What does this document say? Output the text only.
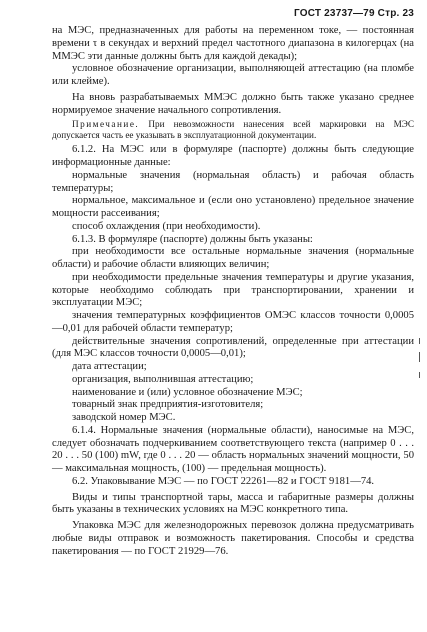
ГОСТ 23737—79 Стр. 23

на МЭС, предназначенных для работы на переменном токе, — постоянная времени τ в секундах и верхний предел частотного диапазона в килогерцах (на ММЭС эти данные должны быть для каждой декады);

условное обозначение организации, выполняющей аттестацию (на пломбе или клейме).

На вновь разрабатываемых ММЭС должно быть также указано среднее нормируемое значение начального сопротивления.

Примечание. При невозможности нанесения всей маркировки на МЭС допускается часть ее указывать в эксплуатационной документации.

6.1.2. На МЭС или в формуляре (паспорте) должны быть следующие информационные данные:

нормальные значения (нормальная область) и рабочая область температуры;

нормальное, максимальное и (если оно установлено) предельное значение мощности рассеивания;

способ охлаждения (при необходимости).

6.1.3. В формуляре (паспорте) должны быть указаны:

при необходимости все остальные нормальные значения (нормальные области) и рабочие области влияющих величин;

при необходимости предельные значения температуры и другие указания, которые необходимо соблюдать при транспортировании, хранении и эксплуатации МЭС;

значения температурных коэффициентов ОМЭС классов точности 0,0005—0,01 для рабочей области температур;

действительные значения сопротивлений, определенные при аттестации (для МЭС классов точности 0,0005—0,01);

дата аттестации;

организация, выполнившая аттестацию;

наименование и (или) условное обозначение МЭС;

товарный знак предприятия-изготовителя;

заводской номер МЭС.

6.1.4. Нормальные значения (нормальные области), наносимые на МЭС, следует обозначать подчеркиванием соответствующего текста (например 0 . . . 20 . . . 50 (100) mW, где 0 . . . 20 — область нормальных значений мощности, 50 — максимальная мощность, (100) — предельная мощность).

6.2. Упаковывание МЭС — по ГОСТ 22261—82 и ГОСТ 9181—74.

Виды и типы транспортной тары, масса и габаритные размеры должны быть указаны в технических условиях на МЭС конкретного типа.

Упаковка МЭС для железнодорожных перевозок должна предусматривать любые виды отправок и возможность пакетирования. Способы и средства пакетирования — по ГОСТ 21929—76.
